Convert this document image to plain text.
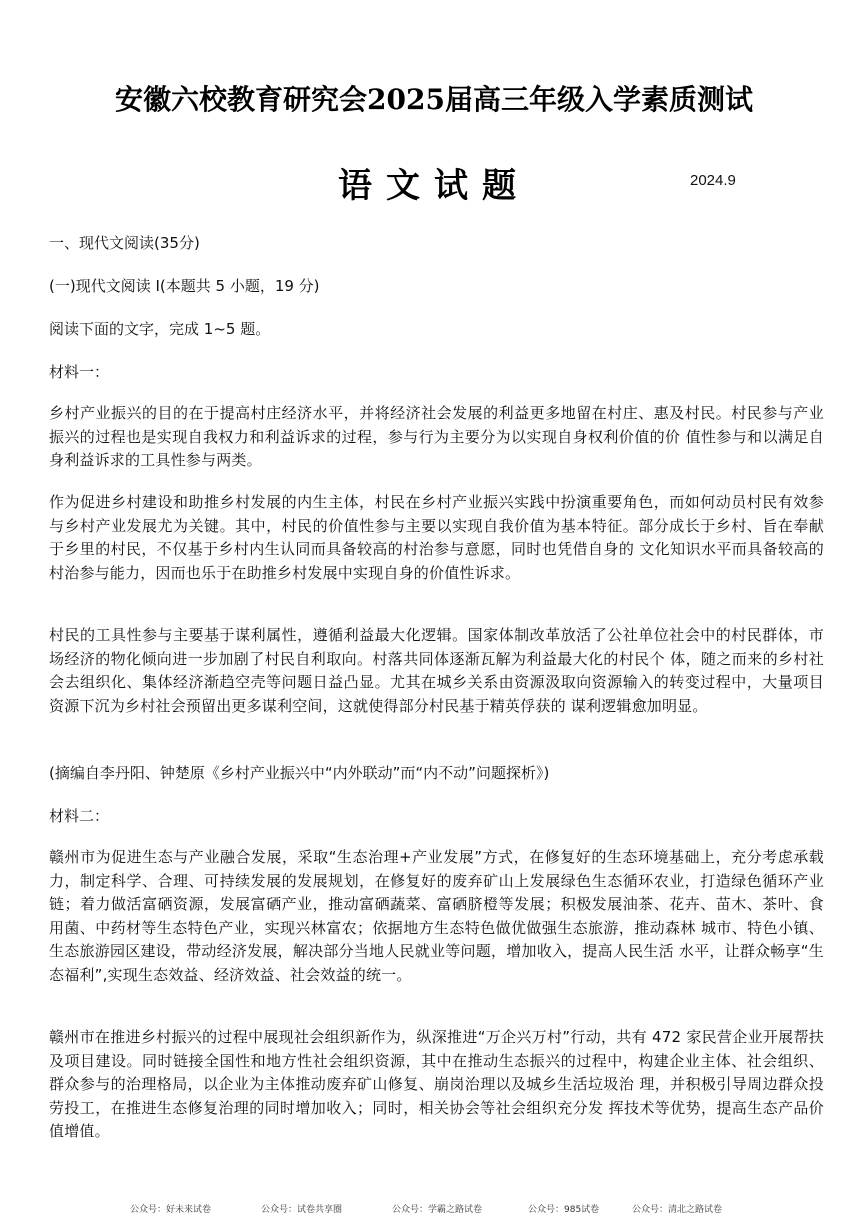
安徽六校教育研究会2025届高三年级入学素质测试
语文试题	2024.9
一、现代文阅读(35分)
(一)现代文阅读 I(本题共 5 小题，19 分)
阅读下面的文字，完成 1~5 题。
材料一：
乡村产业振兴的目的在于提高村庄经济水平，并将经济社会发展的利益更多地留在村庄、惠及村民。村民参与产业振兴的过程也是实现自我权力和利益诉求的过程，参与行为主要分为以实现自身权利价值的价 值性参与和以满足自身利益诉求的工具性参与两类。
作为促进乡村建设和助推乡村发展的内生主体，村民在乡村产业振兴实践中扮演重要角色，而如何动员村民有效参与乡村产业发展尤为关键。其中，村民的价值性参与主要以实现自我价值为基本特征。部分成长于乡村、旨在奉献于乡里的村民，不仅基于乡村内生认同而具备较高的村治参与意愿，同时也凭借自身的 文化知识水平而具备较高的村治参与能力，因而也乐于在助推乡村发展中实现自身的价值性诉求。
村民的工具性参与主要基于谋利属性，遵循利益最大化逻辑。国家体制改革放活了公社单位社会中的村民群体，市场经济的物化倾向进一步加剧了村民自利取向。村落共同体逐渐瓦解为利益最大化的村民个 体，随之而来的乡村社会去组织化、集体经济渐趋空壳等问题日益凸显。尤其在城乡关系由资源汲取向资源输入的转变过程中，大量项目资源下沉为乡村社会预留出更多谋利空间，这就使得部分村民基于精英俘获的 谋利逻辑愈加明显。
(摘编自李丹阳、钟楚原《乡村产业振兴中“内外联动”而“内不动”问题探析》)
材料二：
赣州市为促进生态与产业融合发展，采取“生态治理+产业发展”方式，在修复好的生态环境基础上，充分考虑承载力，制定科学、合理、可持续发展的发展规划，在修复好的废弃矿山上发展绿色生态循环农业，打造绿色循环产业链；着力做活富硒资源，发展富硒产业，推动富硒蔬菜、富硒脐橙等发展；积极发展油茶、花卉、苗木、茶叶、食用菌、中药材等生态特色产业，实现兴林富农；依据地方生态特色做优做强生态旅游，推动森林 城市、特色小镇、生态旅游园区建设，带动经济发展，解决部分当地人民就业等问题，增加收入，提高人民生活 水平，让群众畅享“生态福利”,实现生态效益、经济效益、社会效益的统一。
赣州市在推进乡村振兴的过程中展现社会组织新作为，纵深推进“万企兴万村”行动，共有 472 家民营企业开展帮扶及项目建设。同时链接全国性和地方性社会组织资源，其中在推动生态振兴的过程中，构建企业主体、社会组织、群众参与的治理格局，以企业为主体推动废弃矿山修复、崩岗治理以及城乡生活垃圾治 理，并积极引导周边群众投劳投工，在推进生态修复治理的同时增加收入；同时，相关协会等社会组织充分发 挥技术等优势，提高生态产品价值增值。
公众号：好未来试卷	公众号：试卷共享圈	公众号：学霸之路试卷	公众号：985试卷	公众号：清北之路试卷
